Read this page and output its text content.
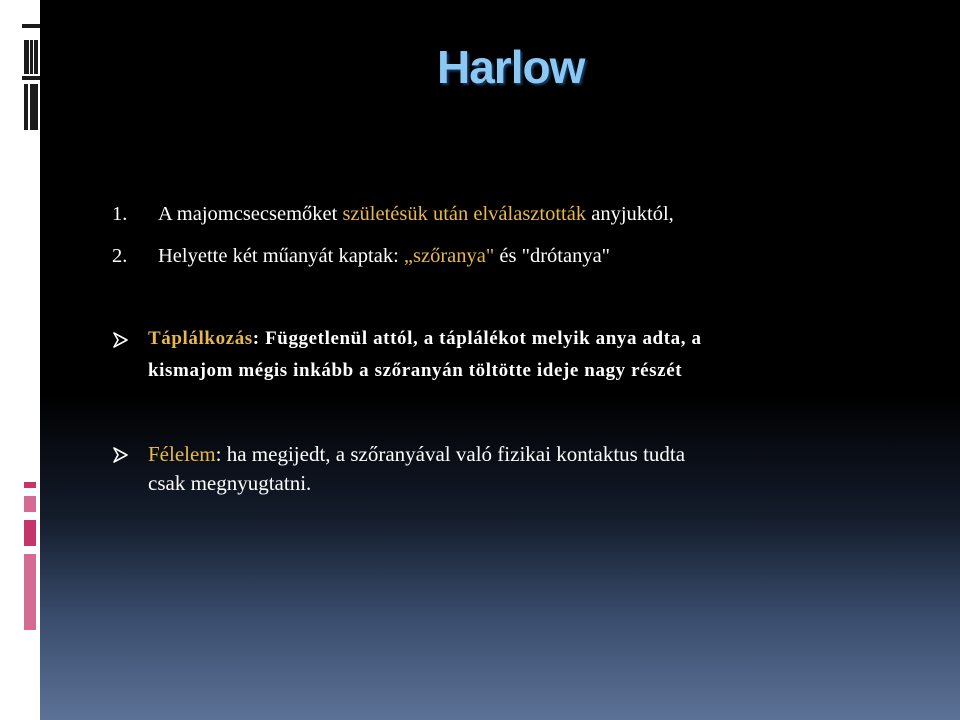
Harlow
1. A majomcsecsemőket születésük után elválasztották anyjuktól,
2. Helyette két műanyát kaptak: „szőranya" és "drótanya"
Táplálkozás: Függetlenül attól, a táplálékot melyik anya adta, a
kismajom mégis inkább a szőranyán töltötte ideje nagy részét
Félelem: ha megijedt, a szőranyával való fizikai kontaktus tudta
csak megnyugtatni.
